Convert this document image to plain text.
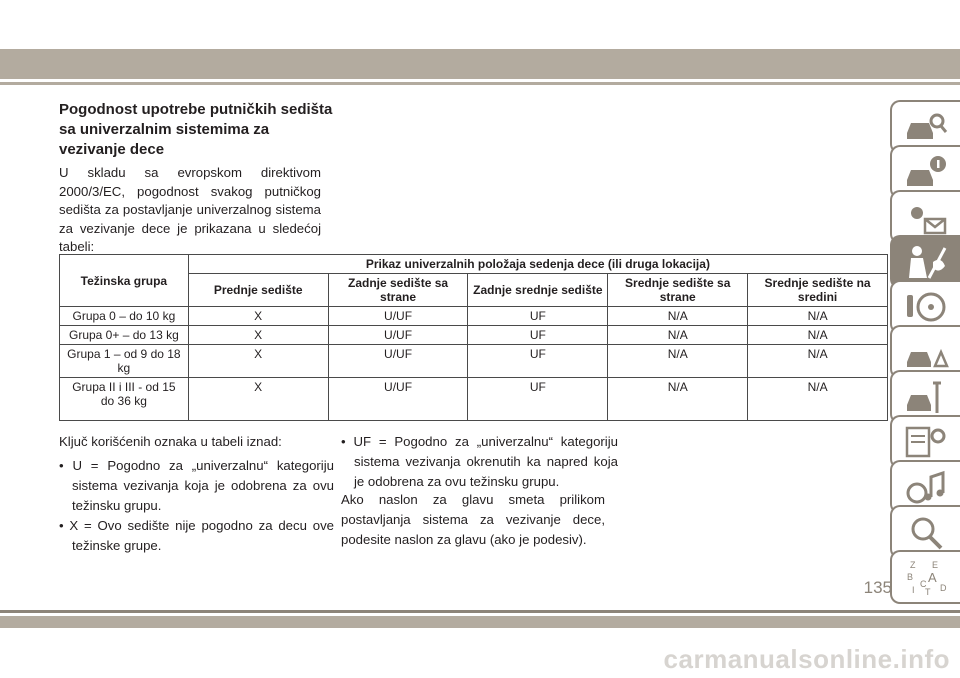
Pogodnost upotrebe putničkih sedišta sa univerzalnim sistemima za vezivanje dece

U skladu sa evropskom direktivom 2000/3/EC, pogodnost svakog putničkog sedišta za postavljanje univerzalnog sistema za vezivanje dece je prikazana u sledećoj tabeli:

Težinska grupa	Prikaz univerzalnih položaja sedenja dece (ili druga lokacija)				
	Prednje sedište	Zadnje sedište sa strane	Zadnje srednje sedište	Srednje sedište sa strane	Srednje sedište na sredini
Grupa 0 – do 10 kg	X	U/UF	UF	N/A	N/A
Grupa 0+ – do 13 kg	X	U/UF	UF	N/A	N/A
Grupa 1 – od 9 do 18 kg	X	U/UF	UF	N/A	N/A
Grupa II i III - od 15 do 36 kg	X	U/UF	UF	N/A	N/A

Ključ korišćenih oznaka u tabeli iznad:

• U = Pogodno za „univerzalnu“ kategoriju sistema vezivanja koja je odobrena za ovu težinsku grupu.

• X = Ovo sedište nije pogodno za decu ove težinske grupe.

• UF = Pogodno za „univerzalnu“ kategoriju sistema vezivanja okrenutih ka napred koja je odobrena za ovu težinsku grupu.

Ako naslon za glavu smeta prilikom postavljanja sistema za vezivanje dece, podesite naslon za glavu (ako je podesiv).

Z E
B A
I
C
T D
135
carmanualsonline.info
